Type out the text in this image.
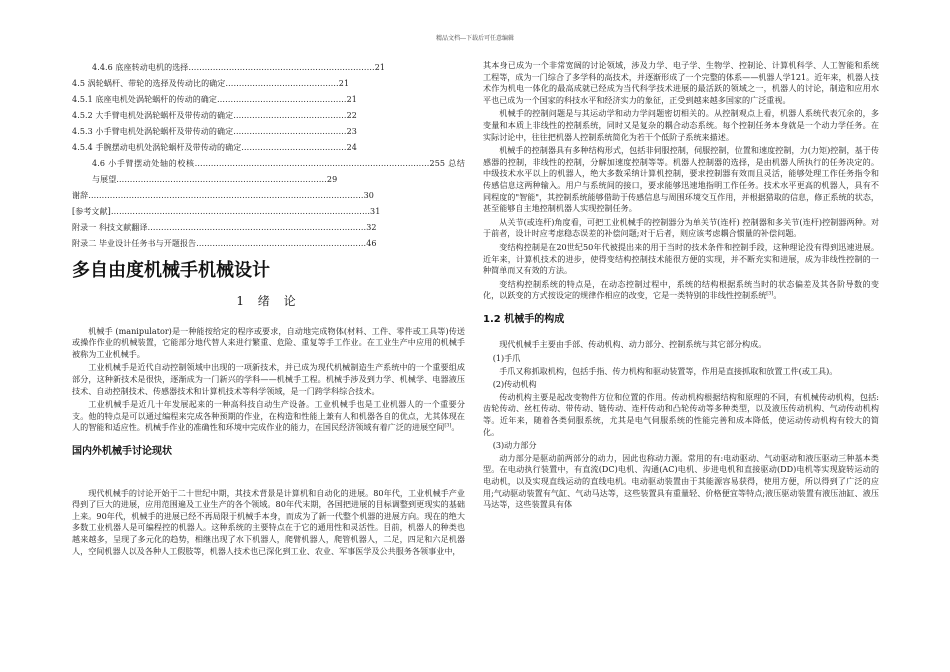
精品文档---下载后可任意编辑
4.4.6 底座转动电机的选择……………………………………………………………21
4.5 涡轮蜗杆、带轮的选择及传动比的确定……………………………………21
4.5.1 底座电机处涡轮蜗杆的传动的确定…………………………………………21
4.5.2 大手臂电机处涡轮蜗杆及带传动的确定……………………………………22
4.5.3 小手臂电机处涡轮蜗杆及带传动的确定……………………………………23
4.5.4 手腕摆动电机处涡轮蜗杆及带传动的确定…………………………………24
4.6 小手臂摆动处轴的校核……………………………………………………………………………255 总结与展望……………………………………………………………………29
谢辞…………………………………………………………………………………………30
[参考文献]……………………………………………………………………………………31
附录一 科技文献翻译………………………………………………………………………32
附录二 毕业设计任务书与开题报告………………………………………………………46
多自由度机械手机械设计
1 绪 论

机械手 (manipulator)是一种能按给定的程序或要求，自动地完成物体(材料、工件、零件或工具等)传送或操作作业的机械装置，它能部分地代替人来进行繁重、危险、重复等手工作业。在工业生产中应用的机械手被称为工业机械手。

工业机械手是近代自动控制领域中出现的一项新技术，并已成为现代机械制造生产系统中的一个重要组成部分，这种新技术是很快，逐渐成为一门新兴的学科——机械手工程。机械手涉及到力学、机械学、电器液压技术、自动控制技术、传感器技术和计算机技术等科学领域，是一门跨学科综合技术。

工业机械手是近几十年发展起来的一种高科技自动生产设备。工业机械手也是工业机器人的一个重要分支。他的特点是可以通过编程来完成各种预期的作业，在构造和性能上兼有人和机器各自的优点，尤其体现在人的智能和适应性。机械手作业的准确性和环境中完成作业的能力，在国民经济领域有着广泛的进展空间[3]。

国内外机械手讨论现状

现代机械手的讨论开始于二十世纪中期，其技术背景是计算机和自动化的进展。80年代，工业机械手产业得到了巨大的进展，应用范围遍及工业生产的各个领域。80年代末期，各国把进展的目标调整到更现实的基础上来。90年代，机械手的进展已经不再局限于机械手本身，而成为了新一代整个机器的进展方向。现在的绝大多数工业机器人是可编程控的机器人。这种系统的主要特点在于它的通用性和灵活性。目前，机器人的种类也越来越多，呈现了多元化的趋势，相继出现了水下机器人，爬臂机器人，爬管机器人，二足，四足和六足机器人，空间机器人以及各种人工假肢等，机器人技术也已深化到工业、农业、军事医学及公共服务各领事业中，

其本身已成为一个非常宽阔的讨论领域，涉及力学、电子学、生物学、控制论、计算机科学、人工智能和系统工程等，成为一门综合了多学科的高技术，并逐渐形成了一个完整的体系——机器人学121。近年来，机器人技术作为机电一体化的最高成就已经成为当代科学技术进展的最活跃的领域之一，机器人的讨论，制造和应用水平也已成为一个国家的科技水平和经济实力的象征，正受到越来越多国家的广泛重视。

机械手的控制问题是与其运动学和动力学问题密切相关的。从控制观点上看，机器人系统代表冗余的，多变量和本质上非线性的控制系统，同时又是复杂的耦合动态系统。每个控制任务本身就是一个动力学任务。在实际讨论中，往往把机器人控制系统简化为若干个低阶子系统来描述。

机械手的控制器具有多种结构形式，包括非伺服控制，伺服控制，位置和速度控制，力(力矩)控制，基于传感器的控制，非线性的控制，分解加速度控制等等。机器人控制器的选择，是由机器人所执行的任务决定的。中级技术水平以上的机器人，绝大多数采纳计算机控制，要求控制器有效而且灵活，能够处理工作任务指令和传感信息这两种输入。用户与系统间的接口，要求能够迅速地指明工作任务。技术水平更高的机器人，具有不同程度的"智能"，其控制系统能够借助于传感信息与周围环境交互作用，并根据猎取的信息，修正系统的状态，甚至能够自主地控制机器人实现控制任务。

从关节(或连杆)角度看，可把工业机械手的控制器分为单关节(连杆) 控制器和多关节(连杆)控制器两种。对于前者，设计时应考虑稳态误差的补偿问题;对于后者，则应该考虑耦合惯量的补偿问题。

变结构控制是在20世纪50年代被提出来的用于当时的技术条件和控制手段，这种理论没有得到迅速进展。近年来，计算机技术的进步，使得变结构控制技术能很方便的实现，并不断充实和进展，成为非线性控制的一种简单而又有效的方法。

变结构控制系统的特点是，在动态控制过程中，系统的结构根据系统当时的状态偏差及其各阶导数的变化，以跃变的方式按设定的规律作相应的改变，它是一类特别的非线性控制系统[3]。

1.2 机械手的构成

现代机械手主要由手部、传动机构、动力部分、控制系统与其它部分构成。

(1)手爪

手爪又称抓取机构，包括手指、传力机构和驱动装置等，作用是直接抓取和放置工件(或工具)。

(2)传动机构

传动机构主要是起改变物件方位和位置的作用。传动机构根据结构和原理的不同，有机械传动机构，包括:齿轮传动、丝杠传动、带传动、链传动、连杆传动和凸轮传动等多种类型，以及液压传动机构、气动传动机构等。近年来，随着各类伺服系统，尤其是电气伺服系统的性能完善和成本降低，使运动传动机构有较大的简化。

(3)动力部分

动力部分是驱动前两部分的动力，因此也称动力源。常用的有:电动驱动、气动驱动和液压驱动三种基本类型。在电动执行装置中，有直流(DC)电机、沟通(AC)电机、步进电机和直接驱动(DD)电机等实现旋转运动的电动机，以及实现直线运动的直线电机。电动驱动装置由于其能源容易获得，使用方便，所以得到了广泛的应用;气动驱动装置有气缸、气动马达等，这些装置具有重量轻、价格便宜等特点;液压驱动装置有液压油缸、液压马达等，这些装置具有体
